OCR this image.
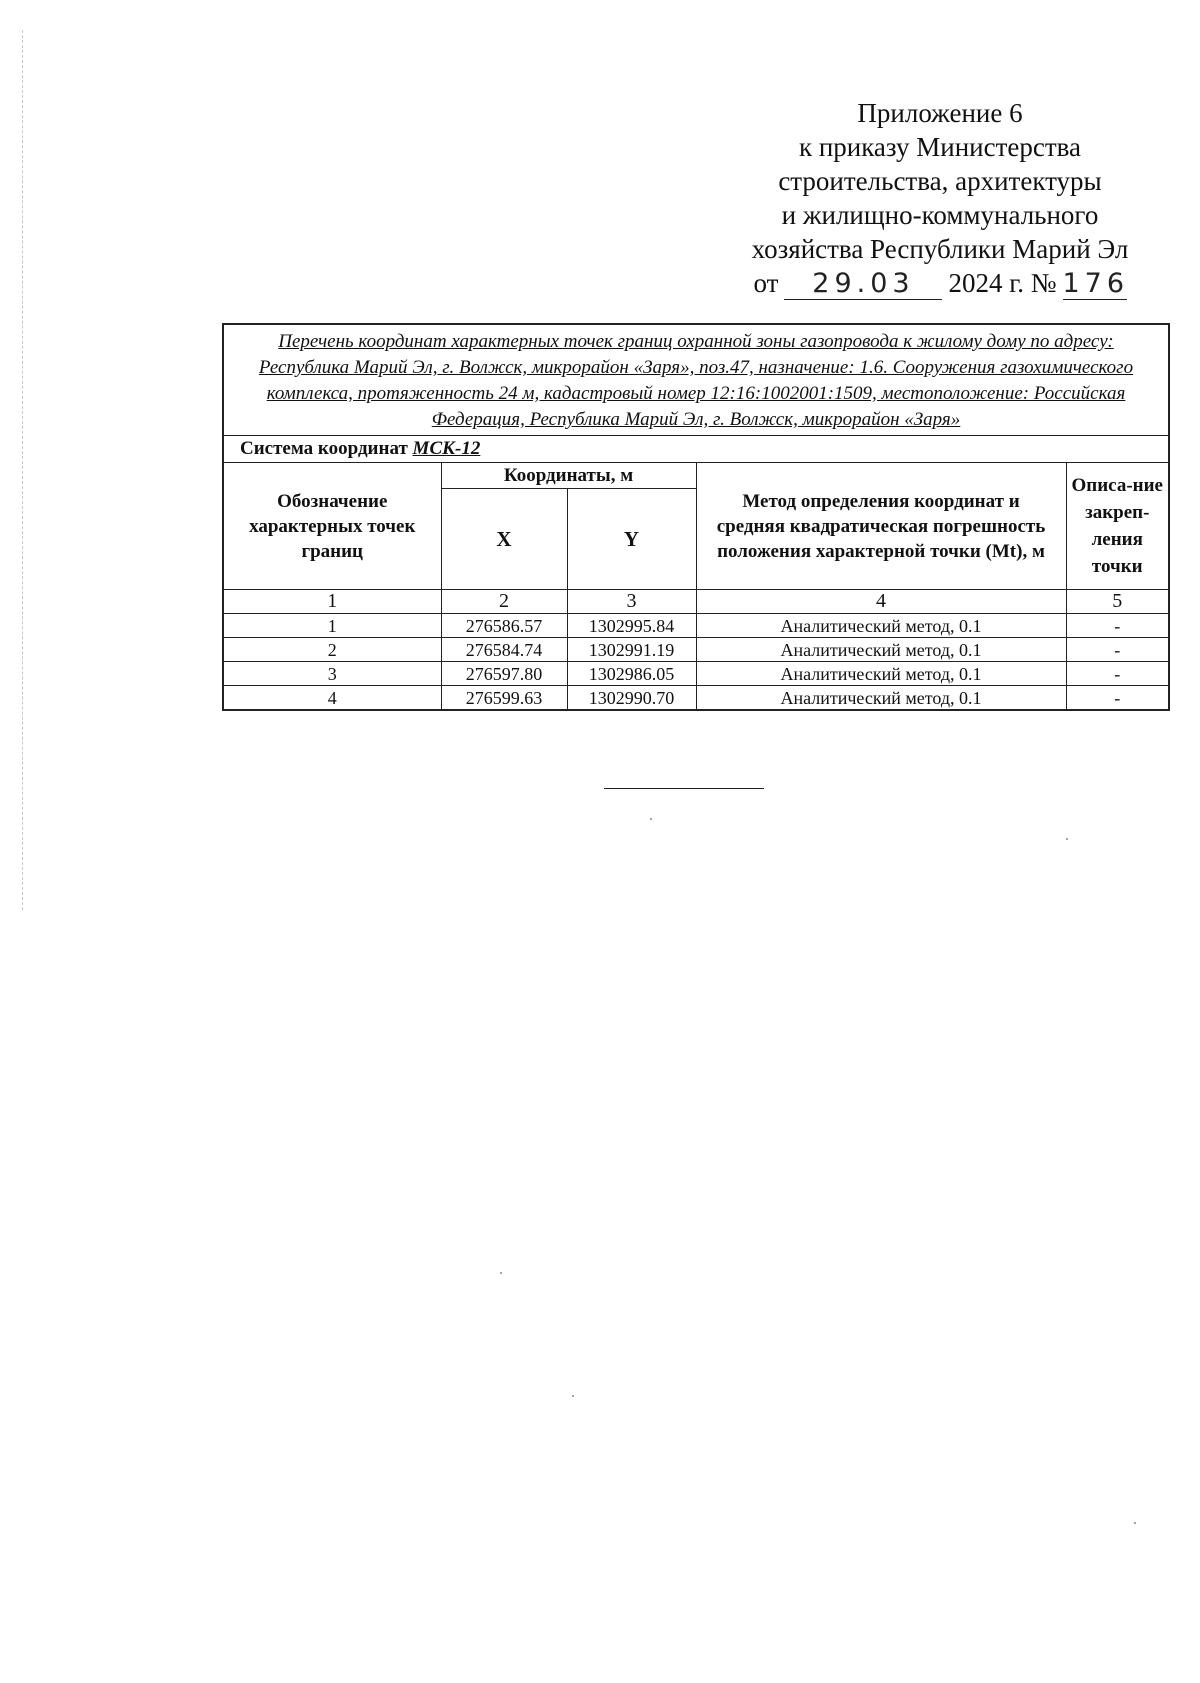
Приложение 6
к приказу Министерства
строительства, архитектуры
и жилищно-коммунального
хозяйства Республики Марий Эл
от	29.03	2024 г. № 176
Перечень координат характерных точек границ охранной зоны газопровода к жилому дому по адресу: Республика Марий Эл, г. Волжск, микрорайон «Заря», поз.47, назначение: 1.6. Сооружения газохимического комплекса, протяженность 24 м, кадастровый номер 12:16:1002001:1509, местоположение: Российская Федерация, Республика Марий Эл, г. Волжск, микрорайон «Заря»				
Система координат МСК-12				
Обозначение характерных точек границ	Координаты, м		Метод определения координат и средняя квадратическая погрешность положения характерной точки (Mt), м	Описа-ние закреп-ления точки
	X	Y		
1	2	3	4	5
1	276586.57	1302995.84	Аналитический метод, 0.1	-
2	276584.74	1302991.19	Аналитический метод, 0.1	-
3	276597.80	1302986.05	Аналитический метод, 0.1	-
4	276599.63	1302990.70	Аналитический метод, 0.1	-
